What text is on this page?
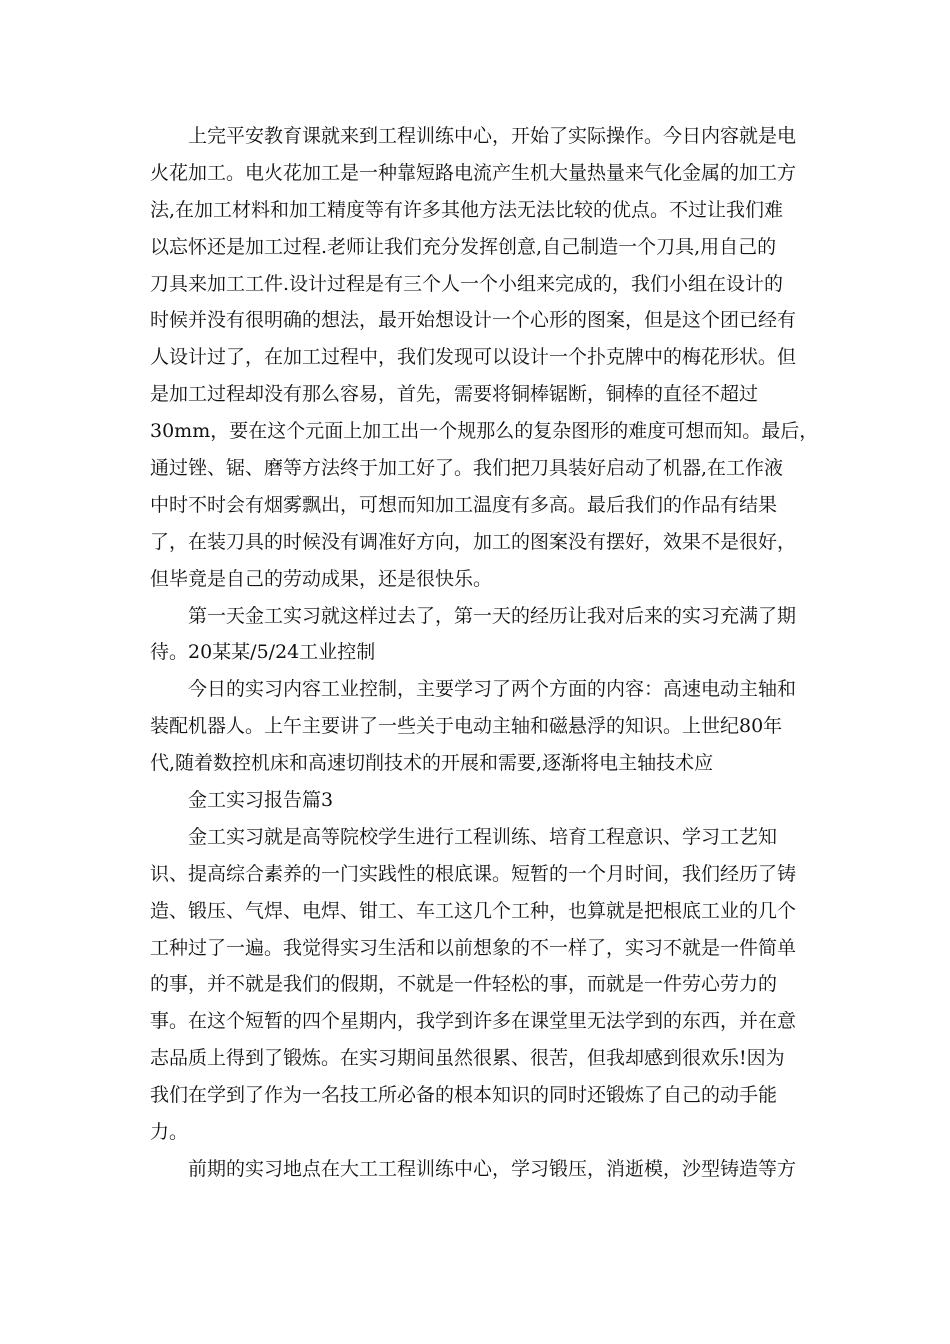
上完平安教育课就来到工程训练中心，开始了实际操作。今日内容就是电
火花加工。电火花加工是一种靠短路电流产生机大量热量来气化金属的加工方
法,在加工材料和加工精度等有许多其他方法无法比较的优点。不过让我们难
以忘怀还是加工过程.老师让我们充分发挥创意,自己制造一个刀具,用自己的
刀具来加工工件.设计过程是有三个人一个小组来完成的，我们小组在设计的
时候并没有很明确的想法，最开始想设计一个心形的图案，但是这个团已经有
人设计过了，在加工过程中，我们发现可以设计一个扑克牌中的梅花形状。但
是加工过程却没有那么容易，首先，需要将铜棒锯断，铜棒的直径不超过
30mm，要在这个元面上加工出一个规那么的复杂图形的难度可想而知。最后，
通过锉、锯、磨等方法终于加工好了。我们把刀具装好启动了机器,在工作液
中时不时会有烟雾飘出，可想而知加工温度有多高。最后我们的作品有结果
了，在装刀具的时候没有调准好方向，加工的图案没有摆好，效果不是很好，
但毕竟是自己的劳动成果，还是很快乐。
第一天金工实习就这样过去了，第一天的经历让我对后来的实习充满了期
待。20某某/5/24工业控制
今日的实习内容工业控制，主要学习了两个方面的内容：高速电动主轴和
装配机器人。上午主要讲了一些关于电动主轴和磁悬浮的知识。上世纪80年
代,随着数控机床和高速切削技术的开展和需要,逐渐将电主轴技术应
金工实习报告篇3
金工实习就是高等院校学生进行工程训练、培育工程意识、学习工艺知
识、提高综合素养的一门实践性的根底课。短暂的一个月时间，我们经历了铸
造、锻压、气焊、电焊、钳工、车工这几个工种，也算就是把根底工业的几个
工种过了一遍。我觉得实习生活和以前想象的不一样了，实习不就是一件简单
的事，并不就是我们的假期，不就是一件轻松的事，而就是一件劳心劳力的
事。在这个短暂的四个星期内，我学到许多在课堂里无法学到的东西，并在意
志品质上得到了锻炼。在实习期间虽然很累、很苦，但我却感到很欢乐!因为
我们在学到了作为一名技工所必备的根本知识的同时还锻炼了自己的动手能
力。
前期的实习地点在大工工程训练中心，学习锻压，消逝模，沙型铸造等方
